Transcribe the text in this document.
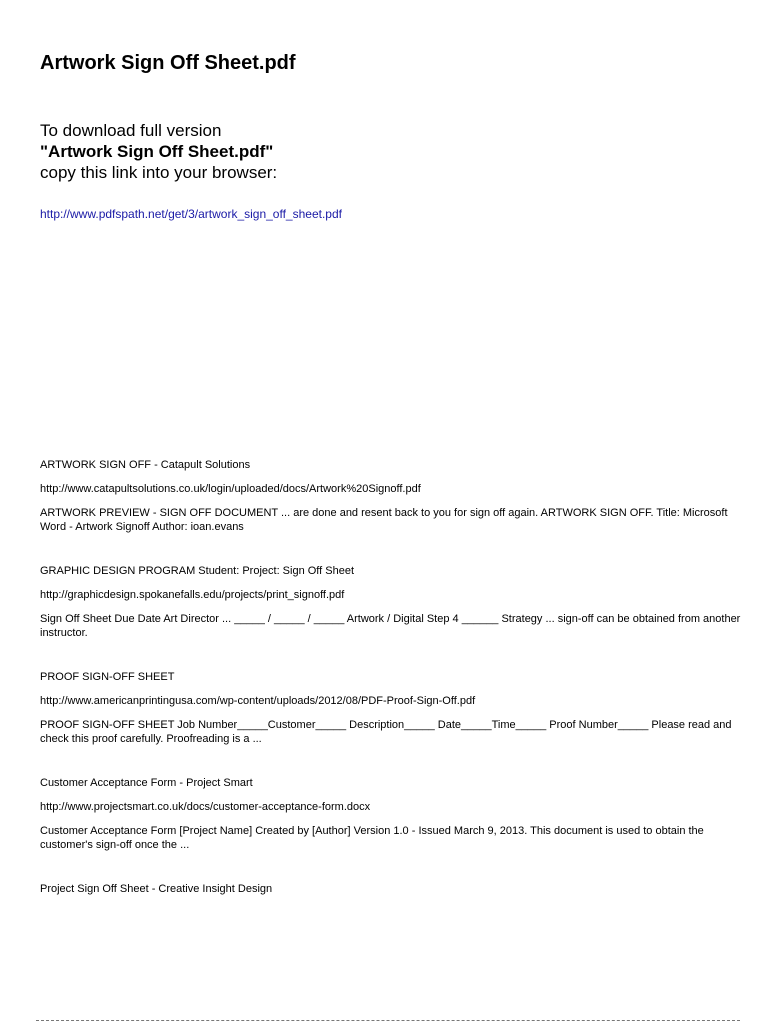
Artwork Sign Off Sheet.pdf
To download full version
"Artwork Sign Off Sheet.pdf"
copy this link into your browser:
http://www.pdfspath.net/get/3/artwork_sign_off_sheet.pdf

ARTWORK SIGN OFF - Catapult Solutions

http://www.catapultsolutions.co.uk/login/uploaded/docs/Artwork%20Signoff.pdf

ARTWORK PREVIEW - SIGN OFF DOCUMENT ... are done and resent back to you for sign off again. ARTWORK SIGN OFF. Title: Microsoft Word - Artwork Signoff Author: ioan.evans

GRAPHIC DESIGN PROGRAM Student: Project: Sign Off Sheet

http://graphicdesign.spokanefalls.edu/projects/print_signoff.pdf

Sign Off Sheet Due Date Art Director ... _____ / _____ / _____ Artwork / Digital Step 4 ______ Strategy ... sign-off can be obtained from another instructor.

PROOF SIGN-OFF SHEET

http://www.americanprintingusa.com/wp-content/uploads/2012/08/PDF-Proof-Sign-Off.pdf

PROOF SIGN-OFF SHEET Job Number_____Customer_____ Description_____ Date_____Time_____ Proof Number_____ Please read and check this proof carefully. Proofreading is a ...

Customer Acceptance Form - Project Smart

http://www.projectsmart.co.uk/docs/customer-acceptance-form.docx

Customer Acceptance Form [Project Name] Created by [Author] Version 1.0 - Issued March 9, 2013. This document is used to obtain the customer's sign-off once the ...

Project Sign Off Sheet - Creative Insight Design
